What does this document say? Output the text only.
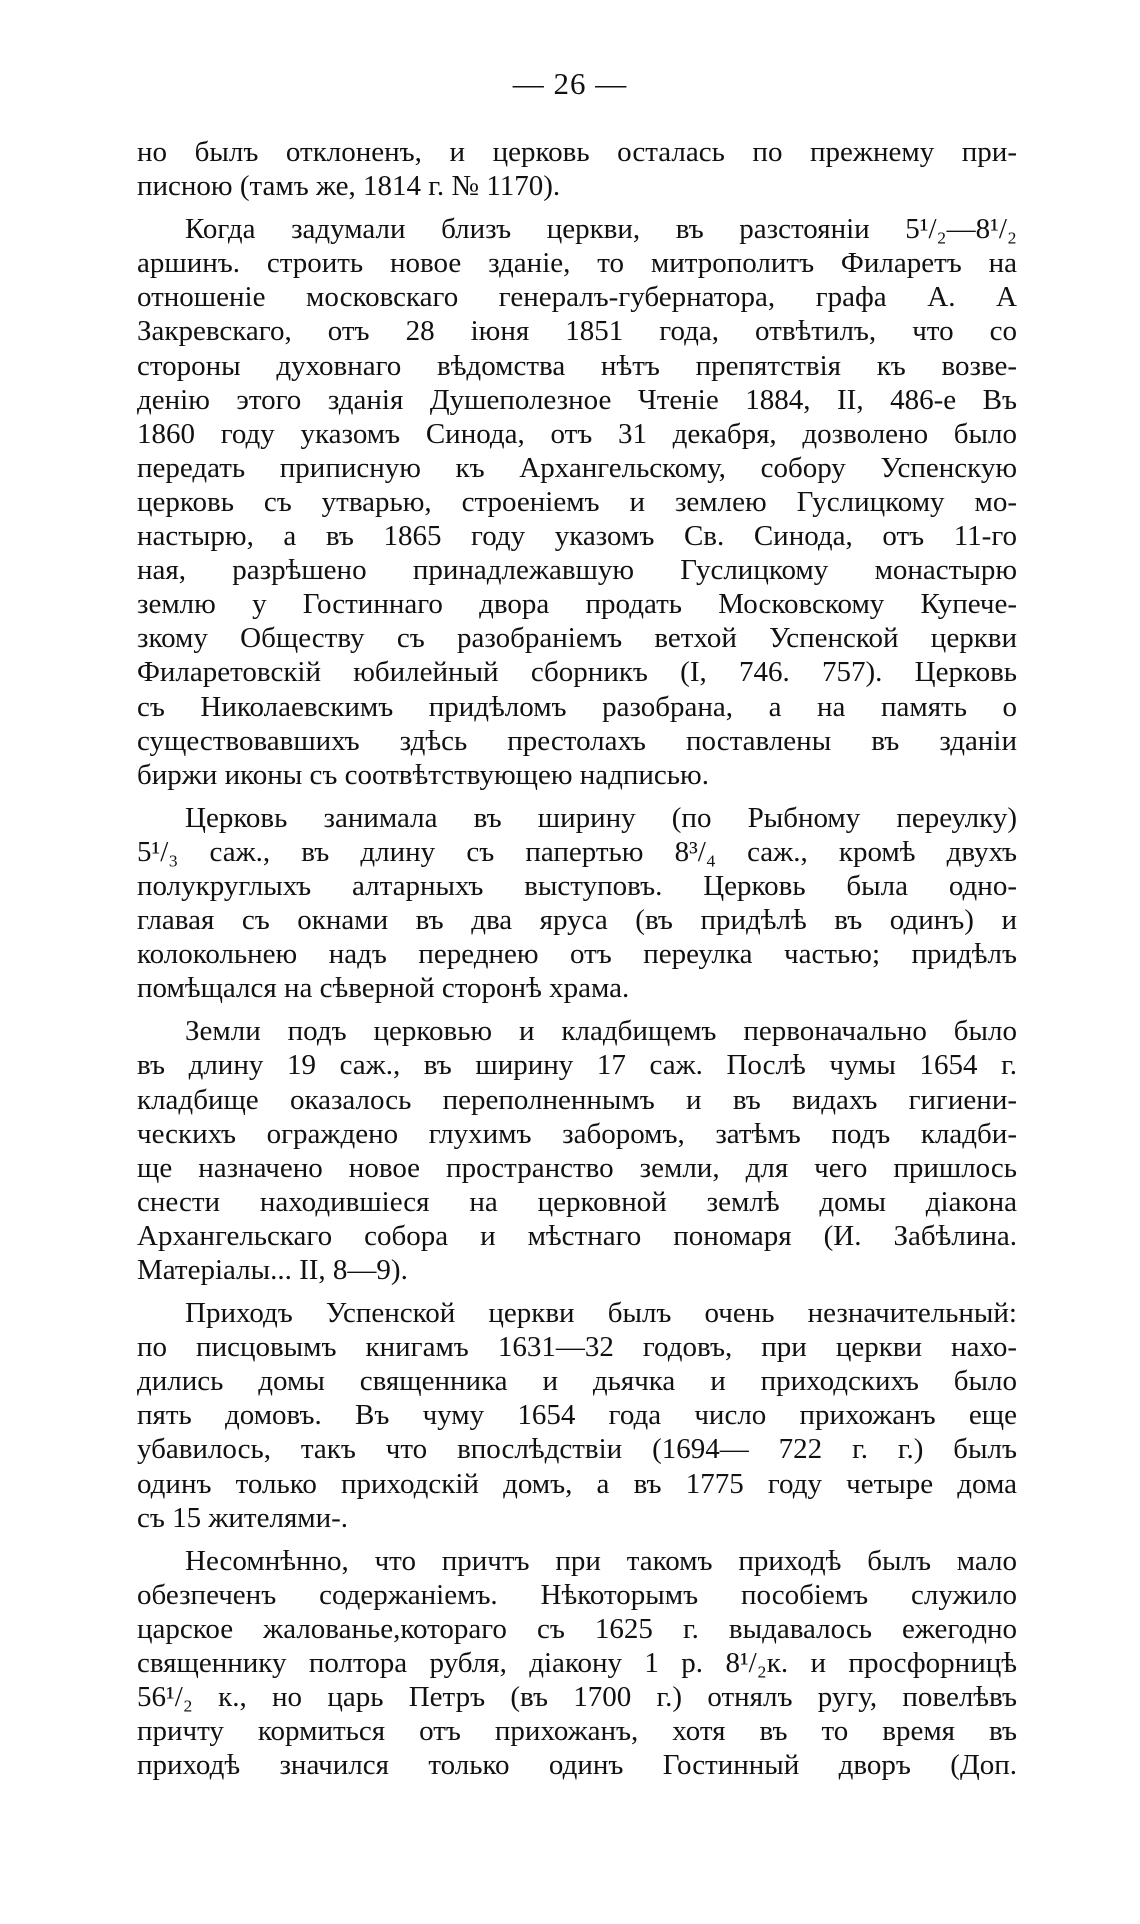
— 26 —
но былъ отклоненъ, и церковь осталась по прежнему при-
писною (тамъ же, 1814 г. № 1170).
Когда задумали близъ церкви, въ разстояніи 5¹/₂—8¹/₂
аршинъ. строить новое зданіе, то митрополитъ Филаретъ на
отношеніе московскаго генералъ-губернатора, графа А. А
Закревскаго, отъ 28 іюня 1851 года, отвѣтилъ, что со
стороны духовнаго вѣдомства нѣтъ препятствія къ возве-
денію этого зданія Душеполезное Чтеніе 1884, II, 486-е Въ
1860 году указомъ Синода, отъ 31 декабря, дозволено было
передать приписную къ Архангельскому, собору Успенскую
церковь съ утварью, строеніемъ и землею Гуслицкому мо-
настырю, а въ 1865 году указомъ Св. Синода, отъ 11-го
ная, разрѣшено принадлежавшую Гуслицкому монастырю
землю у Гостиннаго двора продать Московскому Купече-
зкому Обществу съ разобраніемъ ветхой Успенской церкви
Филаретовскій юбилейный сборникъ (I, 746. 757). Церковь
съ Николаевскимъ придѣломъ разобрана, а на память о
существовавшихъ здѣсь престолахъ поставлены въ зданіи
биржи иконы съ соотвѣтствующею надписью.
Церковь занимала въ ширину (по Рыбному переулку)
5¹/₃ саж., въ длину съ папертью 8³/₄ саж., кромѣ двухъ
полукруглыхъ алтарныхъ выступовъ. Церковь была одно-
главая съ окнами въ два яруса (въ придѣлѣ въ одинъ) и
колокольнею надъ переднею отъ переулка частью; придѣлъ
помѣщался на сѣверной сторонѣ храма.
Земли подъ церковью и кладбищемъ первоначально было
въ длину 19 саж., въ ширину 17 саж. Послѣ чумы 1654 г.
кладбище оказалось переполненнымъ и въ видахъ гигиени-
ческихъ ограждено глухимъ заборомъ, затѣмъ подъ кладби-
ще назначено новое пространство земли, для чего пришлось
снести находившіеся на церковной землѣ домы діакона
Архангельскаго собора и мѣстнаго пономаря (И. Забѣлина.
Матеріалы... II, 8—9).
Приходъ Успенской церкви былъ очень незначительный:
по писцовымъ книгамъ 1631—32 годовъ, при церкви нахо-
дились домы священника и дьячка и приходскихъ было
пять домовъ. Въ чуму 1654 года число прихожанъ еще
убавилось, такъ что впослѣдствіи (1694— 722 г. г.) былъ
одинъ только приходскій домъ, а въ 1775 году четыре дома
съ 15 жителями-.
Несомнѣнно, что причтъ при такомъ приходѣ былъ мало
обезпеченъ содержаніемъ. Нѣкоторымъ пособіемъ служило
царское жалованье,котораго съ 1625 г. выдавалось ежегодно
священнику полтора рубля, діакону 1 р. 8¹/₂к. и просфорницѣ
56¹/₂ к., но царь Петръ (въ 1700 г.) отнялъ ругу, повелѣвъ
причту кормиться отъ прихожанъ, хотя въ то время въ
приходѣ значился только одинъ Гостинный дворъ (Доп.
